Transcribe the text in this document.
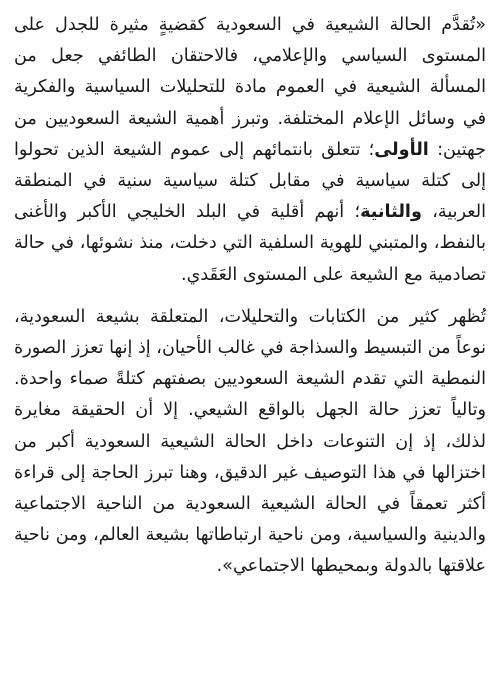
«تُقدَّم الحالة الشيعية في السعودية كقضيةٍ مثيرة للجدل على المستوى السياسي والإعلامي، فالاحتقان الطائفي جعل من المسألة الشيعية في العموم مادة للتحليلات السياسية والفكرية في وسائل الإعلام المختلفة. وتبرز أهمية الشيعة السعوديين من جهتين: الأولى؛ تتعلق بانتمائهم إلى عموم الشيعة الذين تحولوا إلى كتلة سياسية في مقابل كتلة سياسية سنية في المنطقة العربية، والثانية؛ أنهم أقلية في البلد الخليجي الأكبر والأغنى بالنفط، والمتبني للهوية السلفية التي دخلت، منذ نشوئها، في حالة تصادمية مع الشيعة على المستوى العَقَدي.

تُظهر كثير من الكتابات والتحليلات، المتعلقة بشيعة السعودية، نوعاً من التبسيط والسذاجة في غالب الأحيان، إذ إنها تعزز الصورة النمطية التي تقدم الشيعة السعوديين بصفتهم كتلةً صماء واحدة. وتالياً تعزز حالة الجهل بالواقع الشيعي. إلا أن الحقيقة مغايرة لذلك، إذ إن التنوعات داخل الحالة الشيعية السعودية أكبر من اختزالها في هذا التوصيف غير الدقيق، وهنا تبرز الحاجة إلى قراءة أكثر تعمقاً في الحالة الشيعية السعودية من الناحية الاجتماعية والدينية والسياسية، ومن ناحية ارتباطاتها بشيعة العالم، ومن ناحية علاقتها بالدولة وبمحيطها الاجتماعي».
